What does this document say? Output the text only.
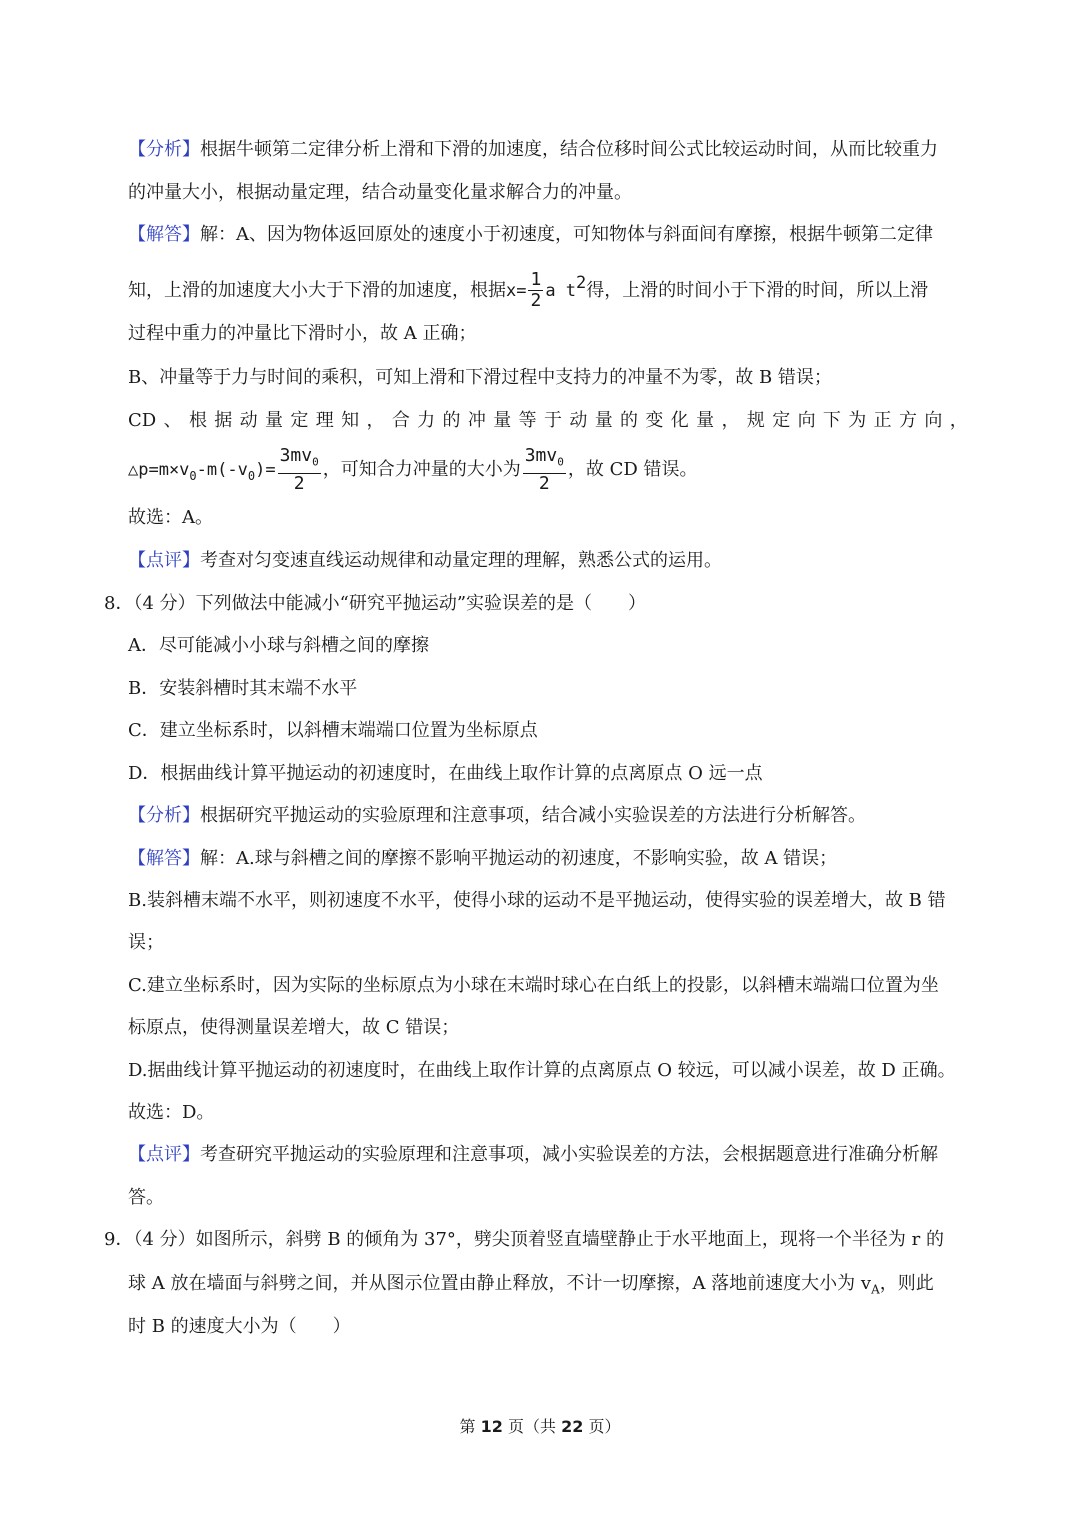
【分析】根据牛顿第二定律分析上滑和下滑的加速度，结合位移时间公式比较运动时间，从而比较重力
的冲量大小，根据动量定理，结合动量变化量求解合力的冲量。
【解答】解：A、因为物体返回原处的速度小于初速度，可知物体与斜面间有摩擦，根据牛顿第二定律
知，上滑的加速度大小大于下滑的加速度，根据 $x= \frac{1}{2}$ a $t^2$ 得，上滑的时间小于下滑的时间，所以上滑
过程中重力的冲量比下滑时小，故 A 正确；
B、冲量等于力与时间的乘积，可知上滑和下滑过程中支持力的冲量不为零，故 B 错误；
CD 、 根 据 动 量 定 理 知 ， 合 力 的 冲 量 等 于 动 量 的 变 化 量 ， 规 定 向 下 为 正 方 向 ，
$\triangle p=m\times v_0$ $-m(-v_0$ )= $\frac{3mv_0}{2}$ ，可知合力冲量的大小为 $\frac{3mv_0}{2}$ ，故 CD 错误。
故选：A。
【点评】考查对匀变速直线运动规律和动量定理的理解，熟悉公式的运用。
8．（4 分）下列做法中能减小“研究平抛运动”实验误差的是（　　）
A．尽可能减小小球与斜槽之间的摩擦
B．安装斜槽时其末端不水平
C．建立坐标系时，以斜槽末端端口位置为坐标原点
D．根据曲线计算平抛运动的初速度时，在曲线上取作计算的点离原点 O 远一点
【分析】根据研究平抛运动的实验原理和注意事项，结合减小实验误差的方法进行分析解答。
【解答】解：A.球与斜槽之间的摩擦不影响平抛运动的初速度，不影响实验，故 A 错误；
B.装斜槽末端不水平，则初速度不水平，使得小球的运动不是平抛运动，使得实验的误差增大，故 B 错
误；
C.建立坐标系时，因为实际的坐标原点为小球在末端时球心在白纸上的投影，以斜槽末端端口位置为坐
标原点，使得测量误差增大，故 C 错误；
D.据曲线计算平抛运动的初速度时，在曲线上取作计算的点离原点 O 较远，可以减小误差，故 D 正确。
故选：D。
【点评】考查研究平抛运动的实验原理和注意事项，减小实验误差的方法，会根据题意进行准确分析解
答。
9．（4 分）如图所示，斜劈 B 的倾角为 37°，劈尖顶着竖直墙壁静止于水平地面上，现将一个半径为 r 的
球 A 放在墙面与斜劈之间，并从图示位置由静止释放，不计一切摩擦，A 落地前速度大小为 $v_A$，则此
时 B 的速度大小为（　　）
第 12 页（共 22 页）
